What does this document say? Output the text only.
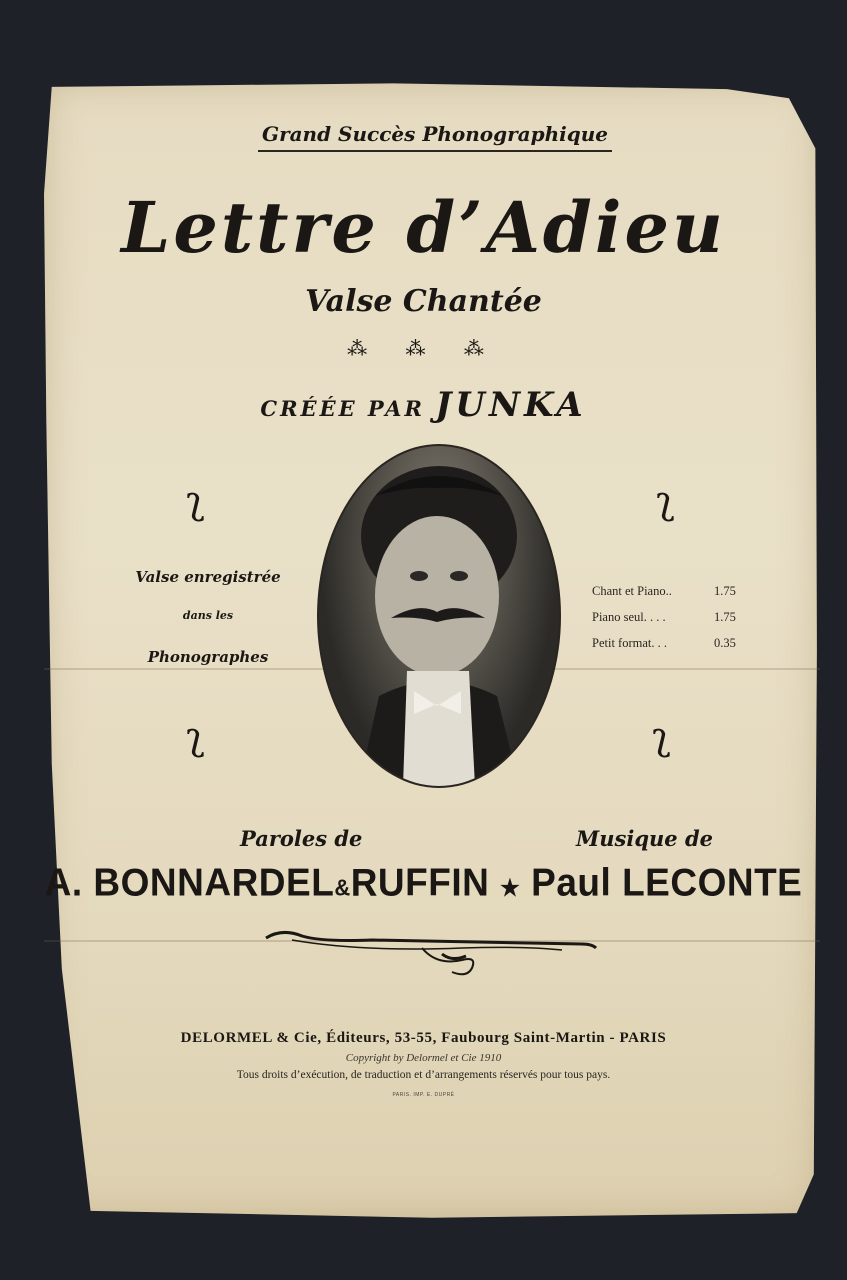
Grand Succès Phonographique
Lettre d’Adieu
Valse Chantée
⁂ ⁂ ⁂
CRÉÉE PAR JUNKA
ʅ	ʅ
ʅ	ʅ
Valse enregistrée
dans les
Phonographes
Chant et Piano..	1.75
Piano seul. . . .	1.75
Petit format. . .	0.35
Paroles de	Musique de
A. BONNARDEL&RUFFIN ★ Paul LECONTE
DELORMEL & Cie, Éditeurs, 53-55, Faubourg Saint-Martin - PARIS
Copyright by Delormel et Cie 1910
Tous droits d’exécution, de traduction et d’arrangements réservés pour tous pays.
PARIS. IMP. E. DUPRÉ
